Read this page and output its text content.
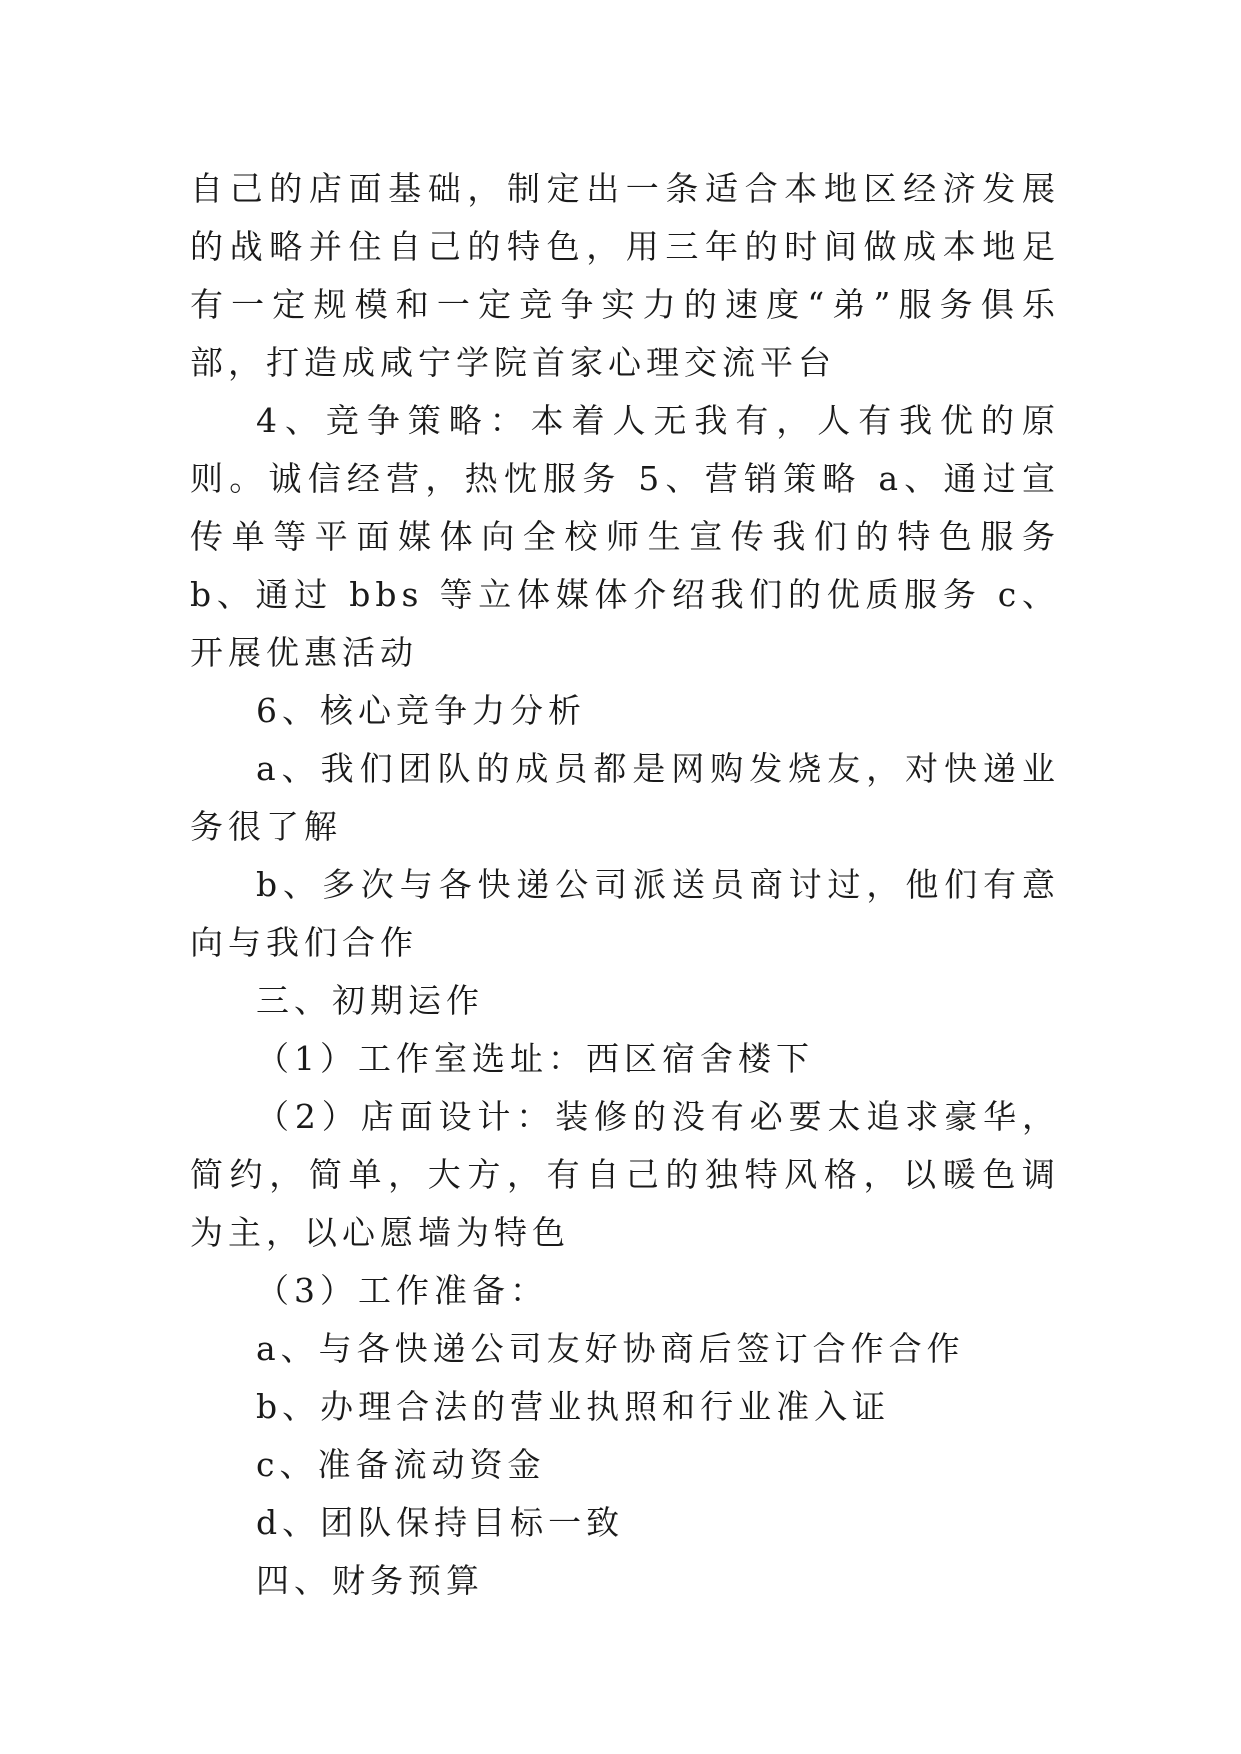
自己的店面基础，制定出一条适合本地区经济发展的战略并住自己的特色，用三年的时间做成本地足有一定规模和一定竞争实力的速度“弟”服务俱乐部，打造成咸宁学院首家心理交流平台

4、竞争策略：本着人无我有，人有我优的原则。诚信经营，热忱服务 5、营销策略 a、通过宣传单等平面媒体向全校师生宣传我们的特色服务 b、通过 bbs 等立体媒体介绍我们的优质服务 c、开展优惠活动

6、核心竞争力分析

a、我们团队的成员都是网购发烧友，对快递业务很了解

b、多次与各快递公司派送员商讨过，他们有意向与我们合作

三、初期运作

（1）工作室选址：西区宿舍楼下

（2）店面设计：装修的没有必要太追求豪华，简约，简单，大方，有自己的独特风格，以暖色调为主，以心愿墙为特色

（3）工作准备：

a、与各快递公司友好协商后签订合作合作

b、办理合法的营业执照和行业准入证

c、准备流动资金

d、团队保持目标一致

四、财务预算
